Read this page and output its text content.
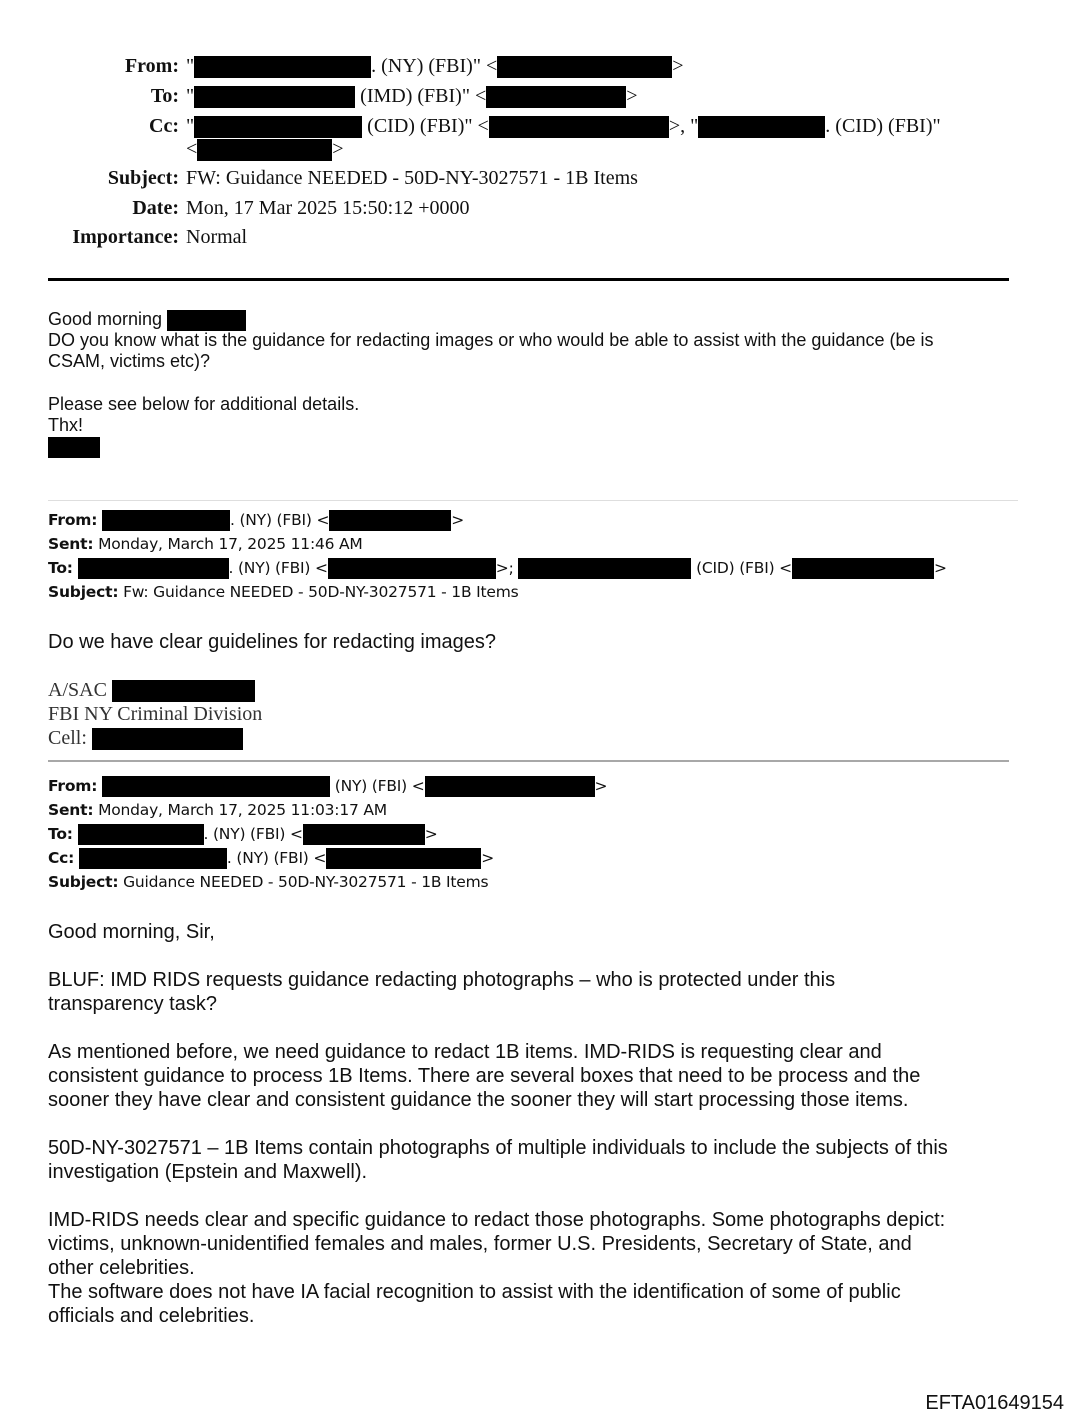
From: "	. (NY) (FBI)" <	>
To: "	(IMD) (FBI)" <	>
Cc: "	(CID) (FBI)" <	>, "	. (CID) (FBI)"
<	>
Subject: FW: Guidance NEEDED - 50D-NY-3027571 - 1B Items
Date: Mon, 17 Mar 2025 15:50:12 +0000
Importance: Normal
Good morning
DO you know what is the guidance for redacting images or who would be able to assist with the guidance (be is
CSAM, victims etc)?
Please see below for additional details.
Thx!
From:	. (NY) (FBI) <	>
Sent: Monday, March 17, 2025 11:46 AM
To:	. (NY) (FBI) <	>;	(CID) (FBI) <	>
Subject: Fw: Guidance NEEDED - 50D-NY-3027571 - 1B Items
Do we have clear guidelines for redacting images?
A/SAC
FBI NY Criminal Division
Cell:
From:	(NY) (FBI) <	>
Sent: Monday, March 17, 2025 11:03:17 AM
To:	. (NY) (FBI) <	>
Cc:	. (NY) (FBI) <	>
Subject: Guidance NEEDED - 50D-NY-3027571 - 1B Items
Good morning, Sir,
BLUF: IMD RIDS requests guidance redacting photographs – who is protected under this
transparency task?
As mentioned before, we need guidance to redact 1B items. IMD-RIDS is requesting clear and
consistent guidance to process 1B Items. There are several boxes that need to be process and the
sooner they have clear and consistent guidance the sooner they will start processing those items.
50D-NY-3027571 – 1B Items contain photographs of multiple individuals to include the subjects of this
investigation (Epstein and Maxwell).
IMD-RIDS needs clear and specific guidance to redact those photographs. Some photographs depict:
victims, unknown-unidentified females and males, former U.S. Presidents, Secretary of State, and
other celebrities.
The software does not have IA facial recognition to assist with the identification of some of public
officials and celebrities.
EFTA01649154
